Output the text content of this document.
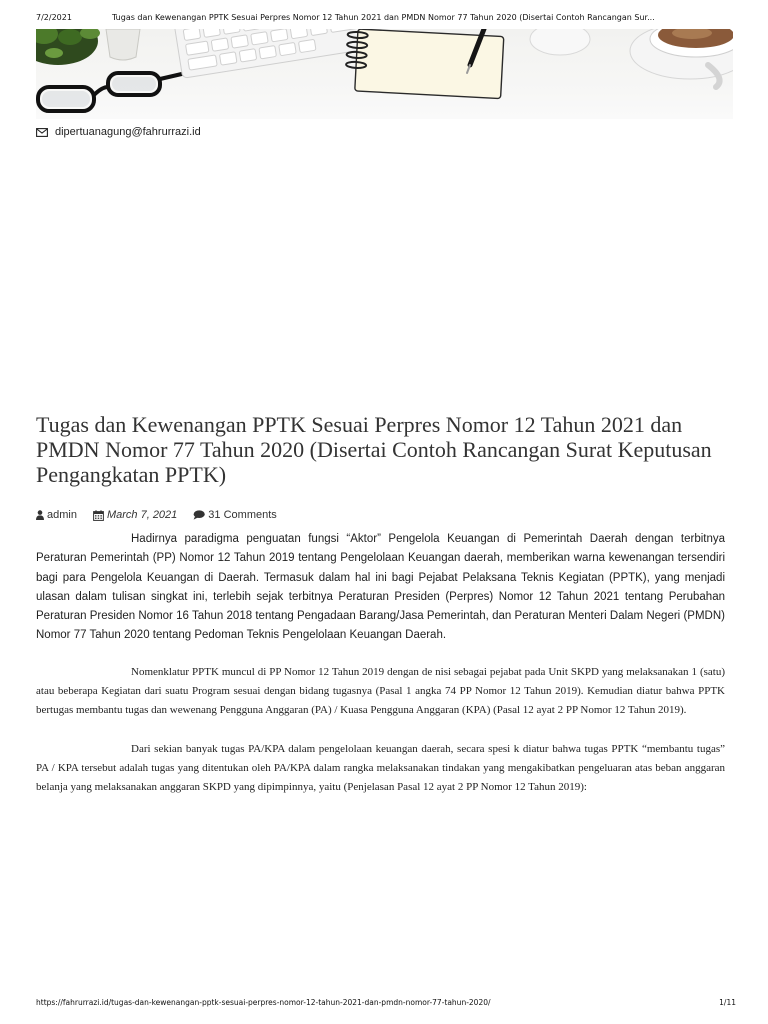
7/2/2021	Tugas dan Kewenangan PPTK Sesuai Perpres Nomor 12 Tahun 2021 dan PMDN Nomor 77 Tahun 2020 (Disertai Contoh Rancangan Sur...
dipertuanagung@fahrurrazi.id
Tugas dan Kewenangan PPTK Sesuai Perpres Nomor 12 Tahun 2021 dan PMDN Nomor 77 Tahun 2020 (Disertai Contoh Rancangan Surat Keputusan Pengangkatan PPTK)
admin	March 7, 2021	31 Comments

Hadirnya paradigma penguatan fungsi “Aktor” Pengelola Keuangan di Pemerintah Daerah dengan terbitnya Peraturan Pemerintah (PP) Nomor 12 Tahun 2019 tentang Pengelolaan Keuangan daerah, memberikan warna kewenangan tersendiri bagi para Pengelola Keuangan di Daerah. Termasuk dalam hal ini bagi Pejabat Pelaksana Teknis Kegiatan (PPTK), yang menjadi ulasan dalam tulisan singkat ini, terlebih sejak terbitnya Peraturan Presiden (Perpres) Nomor 12 Tahun 2021 tentang Perubahan Peraturan Presiden Nomor 16 Tahun 2018 tentang Pengadaan Barang/Jasa Pemerintah, dan Peraturan Menteri Dalam Negeri (PMDN) Nomor 77 Tahun 2020 tentang Pedoman Teknis Pengelolaan Keuangan Daerah.

Nomenklatur PPTK muncul di PP Nomor 12 Tahun 2019 dengan de nisi sebagai pejabat pada Unit SKPD yang melaksanakan 1 (satu) atau beberapa Kegiatan dari suatu Program sesuai dengan bidang tugasnya (Pasal 1 angka 74 PP Nomor 12 Tahun 2019). Kemudian diatur bahwa PPTK bertugas membantu tugas dan wewenang Pengguna Anggaran (PA) / Kuasa Pengguna Anggaran (KPA) (Pasal 12 ayat 2 PP Nomor 12 Tahun 2019).

Dari sekian banyak tugas PA/KPA dalam pengelolaan keuangan daerah, secara spesi k diatur bahwa tugas PPTK “membantu tugas” PA / KPA tersebut adalah tugas yang ditentukan oleh PA/KPA dalam rangka melaksanakan tindakan yang mengakibatkan pengeluaran atas beban anggaran belanja yang melaksanakan anggaran SKPD yang dipimpinnya, yaitu (Penjelasan Pasal 12 ayat 2 PP Nomor 12 Tahun 2019):

https://fahrurrazi.id/tugas-dan-kewenangan-pptk-sesuai-perpres-nomor-12-tahun-2021-dan-pmdn-nomor-77-tahun-2020/	1/11
